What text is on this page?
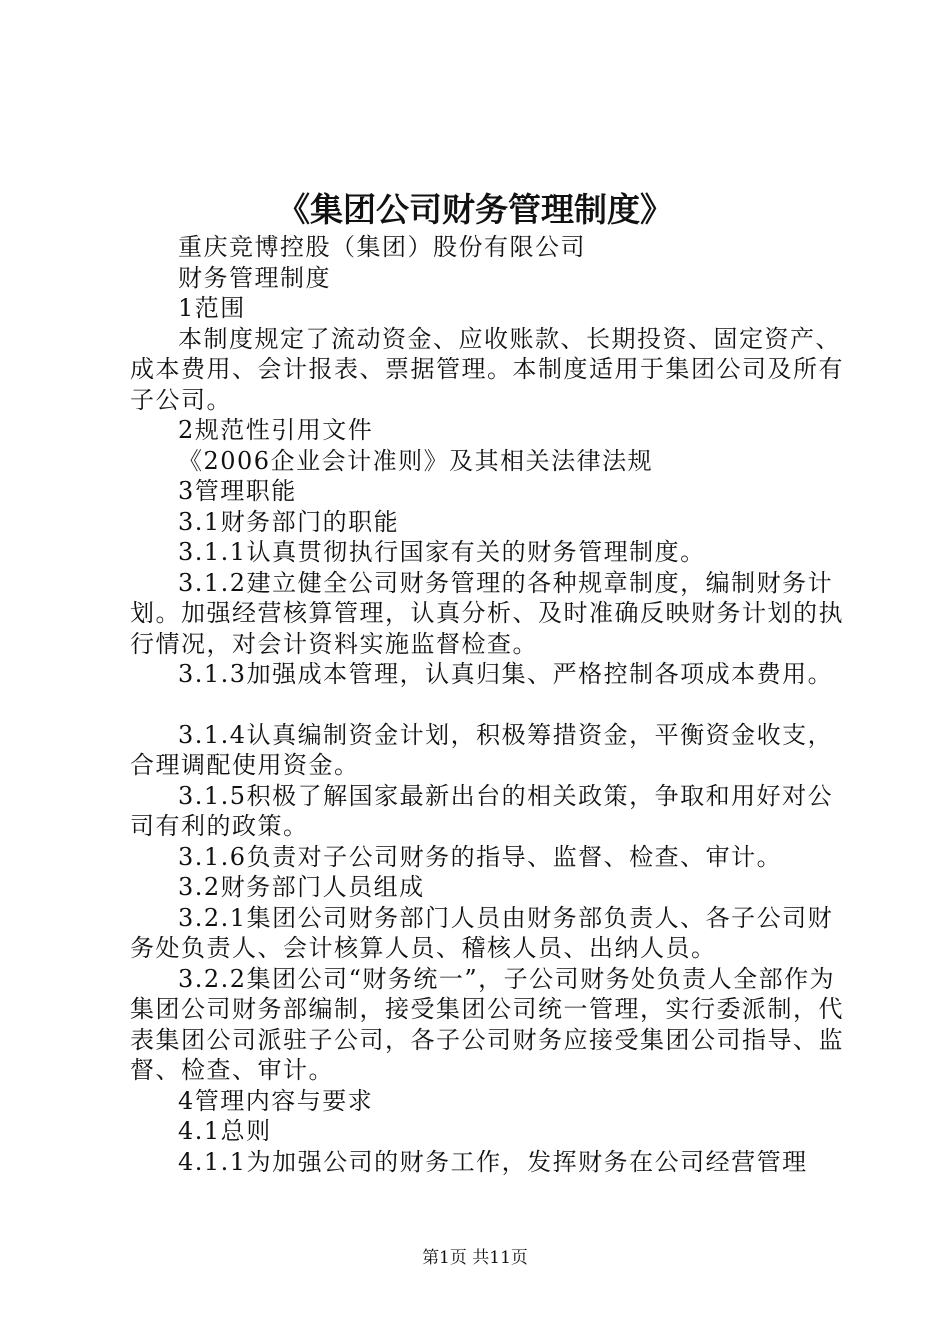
《集团公司财务管理制度》

重庆竞博控股（集团）股份有限公司

财务管理制度

1范围

本制度规定了流动资金、应收账款、长期投资、固定资产、成本费用、会计报表、票据管理。本制度适用于集团公司及所有子公司。

2规范性引用文件

《2006企业会计准则》及其相关法律法规

3管理职能

3.1财务部门的职能

3.1.1认真贯彻执行国家有关的财务管理制度。

3.1.2建立健全公司财务管理的各种规章制度，编制财务计划。加强经营核算管理，认真分析、及时准确反映财务计划的执行情况，对会计资料实施监督检查。

3.1.3加强成本管理，认真归集、严格控制各项成本费用。

3.1.4认真编制资金计划，积极筹措资金，平衡资金收支，合理调配使用资金。

3.1.5积极了解国家最新出台的相关政策，争取和用好对公司有利的政策。

3.1.6负责对子公司财务的指导、监督、检查、审计。

3.2财务部门人员组成

3.2.1集团公司财务部门人员由财务部负责人、各子公司财务处负责人、会计核算人员、稽核人员、出纳人员。

3.2.2集团公司“财务统一”，子公司财务处负责人全部作为集团公司财务部编制，接受集团公司统一管理，实行委派制，代表集团公司派驻子公司，各子公司财务应接受集团公司指导、监督、检查、审计。

4管理内容与要求

4.1总则

4.1.1为加强公司的财务工作，发挥财务在公司经营管理

第1页 共11页
